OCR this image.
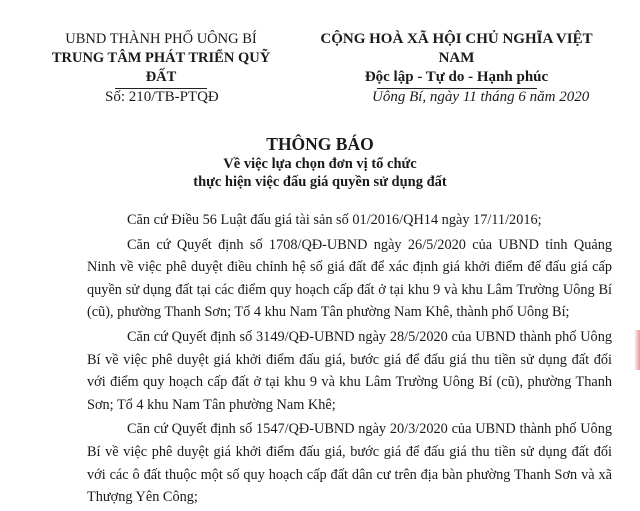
UBND THÀNH PHỐ UÔNG BÍ
TRUNG TÂM PHÁT TRIỂN QUỸ ĐẤT
CỘNG HOÀ XÃ HỘI CHỦ NGHĨA VIỆT NAM
Độc lập - Tự do - Hạnh phúc
Số: 210/TB-PTQĐ	Uông Bí, ngày 11 tháng 6 năm 2020
THÔNG BÁO
Về việc lựa chọn đơn vị tổ chức
thực hiện việc đấu giá quyền sử dụng đất

Căn cứ Điều 56 Luật đấu giá tài sản số 01/2016/QH14 ngày 17/11/2016;

Căn cứ Quyết định số 1708/QĐ-UBND ngày 26/5/2020 của UBND tỉnh Quảng Ninh về việc phê duyệt điều chỉnh hệ số giá đất để xác định giá khởi điểm để đấu giá cấp quyền sử dụng đất tại các điểm quy hoạch cấp đất ở tại khu 9 và khu Lâm Trường Uông Bí (cũ), phường Thanh Sơn; Tổ 4 khu Nam Tân phường Nam Khê, thành phố Uông Bí;

Căn cứ Quyết định số 3149/QĐ-UBND ngày 28/5/2020 của UBND thành phố Uông Bí về việc phê duyệt giá khởi điểm đấu giá, bước giá để đấu giá thu tiền sử dụng đất đối với điểm quy hoạch cấp đất ở tại khu 9 và khu Lâm Trường Uông Bí (cũ), phường Thanh Sơn; Tổ 4 khu Nam Tân phường Nam Khê;

Căn cứ Quyết định số 1547/QĐ-UBND ngày 20/3/2020 của UBND thành phố Uông Bí về việc phê duyệt giá khởi điểm đấu giá, bước giá để đấu giá thu tiền sử dụng đất đối với các ô đất thuộc một số quy hoạch cấp đất dân cư trên địa bàn phường Thanh Sơn và xã Thượng Yên Công;
